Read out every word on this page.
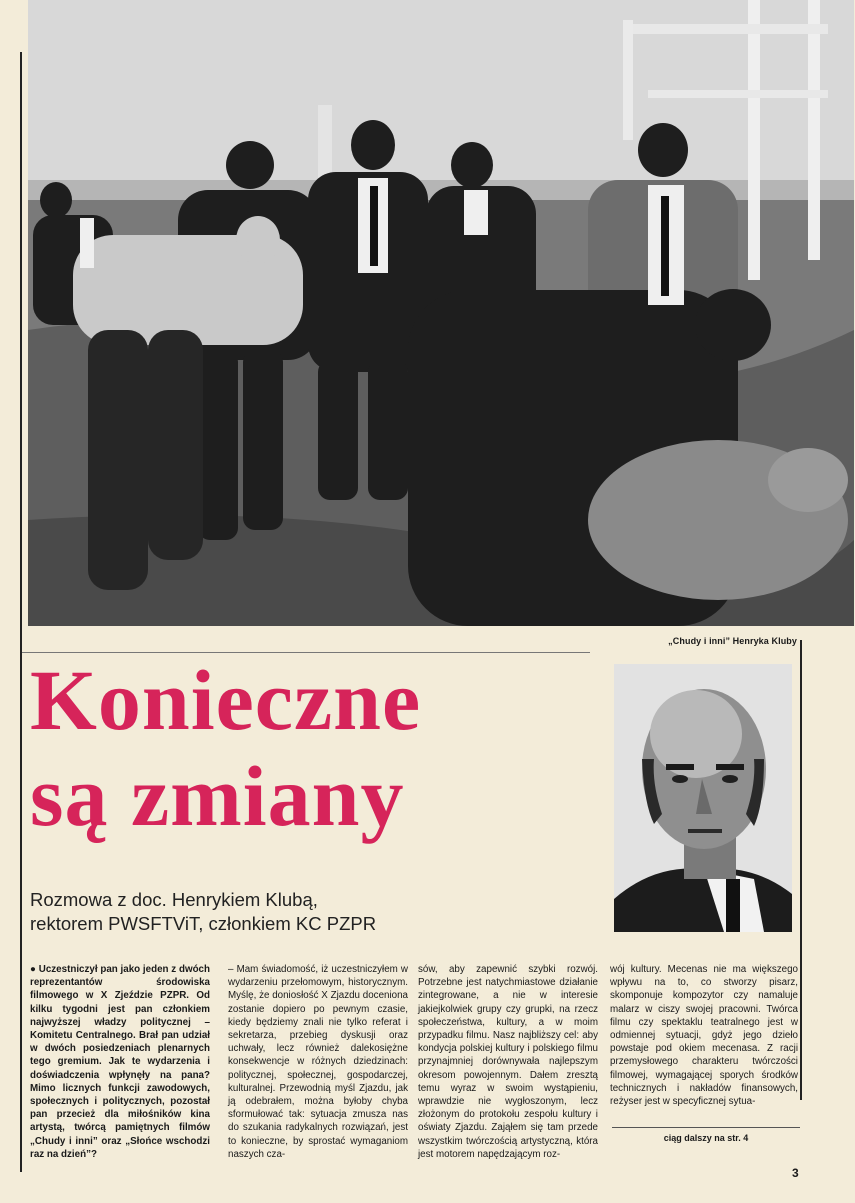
„Chudy i inni” Henryka Kluby
Konieczne
są zmiany
Rozmowa z doc. Henrykiem Klubą,
rektorem PWSFTViT, członkiem KC PZPR

● Uczestniczył pan jako jeden z dwóch reprezentantów środowiska filmowego w X Zjeździe PZPR. Od kilku tygodni jest pan członkiem najwyższej władzy politycznej – Komitetu Centralnego. Brał pan udział w dwóch posiedzeniach plenarnych tego gremium. Jak te wydarzenia i doświadczenia wpłynęły na pana? Mimo licznych funkcji zawodowych, społecznych i politycznych, pozostał pan przecież dla miłośników kina artystą, twórcą pamiętnych filmów „Chudy i inni” oraz „Słońce wschodzi raz na dzień”?

– Mam świadomość, iż uczestniczyłem w wydarzeniu przełomowym, historycznym. Myślę, że doniosłość X Zjazdu doceniona zostanie dopiero po pewnym czasie, kiedy będziemy znali nie tylko referat i sekretarza, przebieg dyskusji oraz uchwały, lecz również dalekosiężne konsekwencje w różnych dziedzinach: politycznej, społecznej, gospodarczej, kulturalnej. Przewodnią myśl Zjazdu, jak ją odebrałem, można byłoby chyba sformułować tak: sytuacja zmusza nas do szukania radykalnych rozwiązań, jest to konieczne, by sprostać wymaganiom naszych cza-

sów, aby zapewnić szybki rozwój. Potrzebne jest natychmiastowe działanie zintegrowane, a nie w interesie jakiejkolwiek grupy czy grupki, na rzecz społeczeństwa, kultury, a w moim przypadku filmu. Nasz najbliższy cel: aby kondycja polskiej kultury i polskiego filmu przynajmniej dorównywała najlepszym okresom powojennym. Dałem zresztą temu wyraz w swoim wystąpieniu, wprawdzie nie wygłoszonym, lecz złożonym do protokołu zespołu kultury i oświaty Zjazdu. Zająłem się tam przede wszystkim twórczością artystyczną, która jest motorem napędzającym roz-

wój kultury. Mecenas nie ma większego wpływu na to, co stworzy pisarz, skomponuje kompozytor czy namaluje malarz w ciszy swojej pracowni. Twórca filmu czy spektaklu teatralnego jest w odmiennej sytuacji, gdyż jego dzieło powstaje pod okiem mecenasa. Z racji przemysłowego charakteru twórczości filmowej, wymagającej sporych środków technicznych i nakładów finansowych, reżyser jest w specyficznej sytua-

ciąg dalszy na str. 4
3
